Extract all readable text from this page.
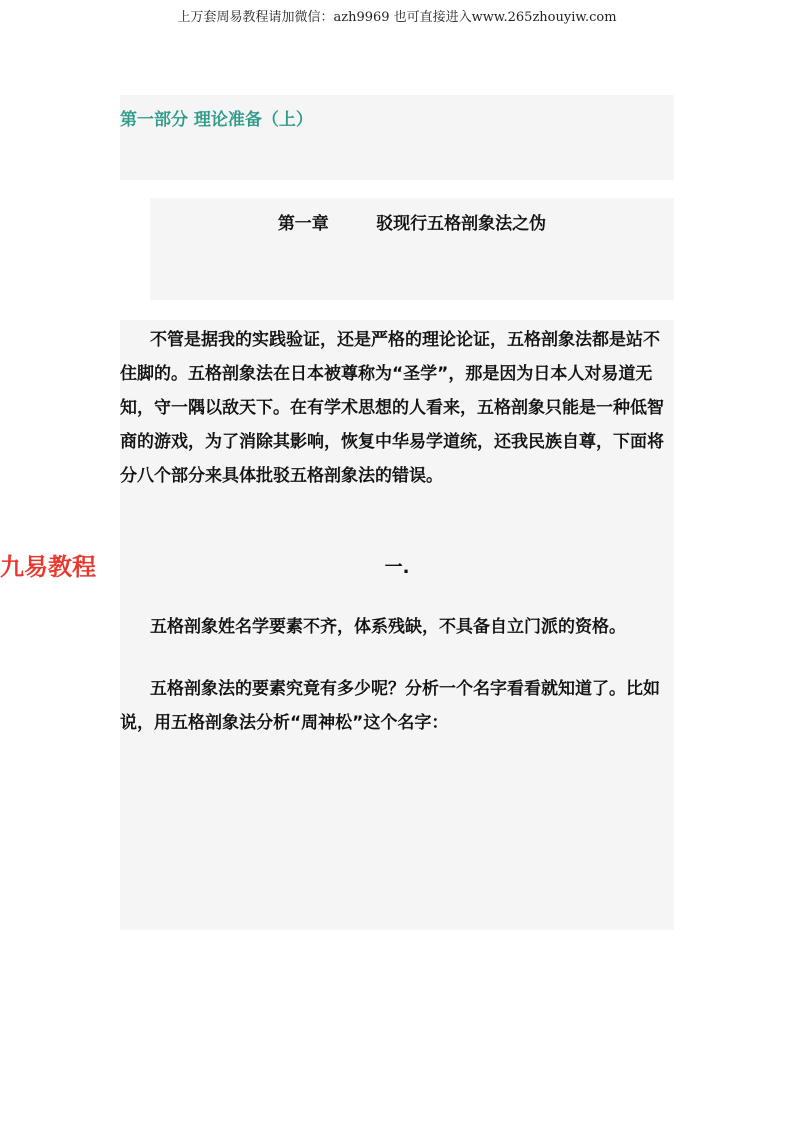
上万套周易教程请加微信：azh9969 也可直接进入www.265zhouyiw.com
第一部分 理论准备（上）
第一章        驳现行五格剖象法之伪

不管是据我的实践验证，还是严格的理论论证，五格剖象法都是站不住脚的。五格剖象法在日本被尊称为“圣学”，那是因为日本人对易道无知，守一隅以敌天下。在有学术思想的人看来，五格剖象只能是一种低智商的游戏，为了消除其影响，恢复中华易学道统，还我民族自尊，下面将分八个部分来具体批驳五格剖象法的错误。

一.

五格剖象姓名学要素不齐，体系残缺，不具备自立门派的资格。

五格剖象法的要素究竟有多少呢？分析一个名字看看就知道了。比如说，用五格剖象法分析“周神松”这个名字：

九易教程
